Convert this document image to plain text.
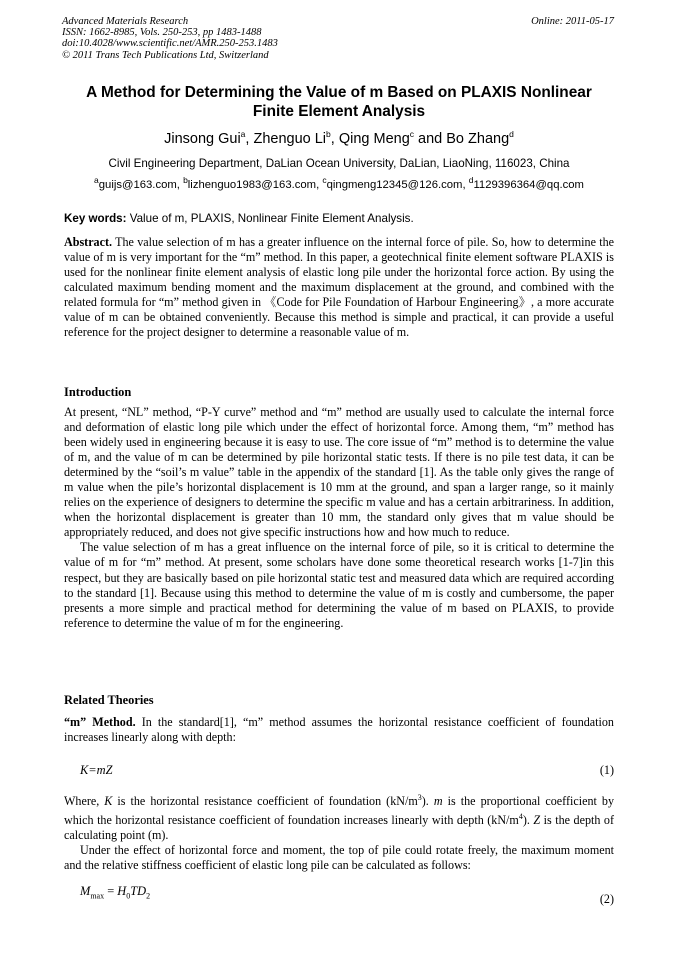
Advanced Materials Research
ISSN: 1662-8985, Vols. 250-253, pp 1483-1488
doi:10.4028/www.scientific.net/AMR.250-253.1483
© 2011 Trans Tech Publications Ltd, Switzerland
Online: 2011-05-17
A Method for Determining the Value of m Based on PLAXIS Nonlinear
Finite Element Analysis
Jinsong Gui$^a$, Zhenguo Li$^b$, Qing Meng$^c$ and Bo Zhang$^d$
Civil Engineering Department, DaLian Ocean University, DaLian, LiaoNing, 116023, China
$^a$guijs@163.com, $^b$lizhenguo1983@163.com, $^c$qingmeng12345@126.com, $^d$1129396364@qq.com
Key words: Value of m, PLAXIS, Nonlinear Finite Element Analysis.
Abstract. The value selection of m has a greater influence on the internal force of pile. So, how to determine the value of m is very important for the “m” method. In this paper, a geotechnical finite element software PLAXIS is used for the nonlinear finite element analysis of elastic long pile under the horizontal force action. By using the calculated maximum bending moment and the maximum displacement at the ground, and combined with the related formula for “m” method given in 《Code for Pile Foundation of Harbour Engineering》, a more accurate value of m can be obtained conveniently. Because this method is simple and practical, it can provide a useful reference for the project designer to determine a reasonable value of m.
Introduction
At present, “NL” method, “P-Y curve” method and “m” method are usually used to calculate the internal force and deformation of elastic long pile which under the effect of horizontal force. Among them, “m” method has been widely used in engineering because it is easy to use. The core issue of “m” method is to determine the value of m, and the value of m can be determined by pile horizontal static tests. If there is no pile test data, it can be determined by the “soil’s m value” table in the appendix of the standard [1]. As the table only gives the range of m value when the pile’s horizontal displacement is 10 mm at the ground, and span a larger range, so it mainly relies on the experience of designers to determine the specific m value and has a certain arbitrariness. In addition, when the horizontal displacement is greater than 10 mm, the standard only gives that m value should be appropriately reduced, and does not give specific instructions how and how much to reduce.
The value selection of m has a great influence on the internal force of pile, so it is critical to determine the value of m for “m” method. At present, some scholars have done some theoretical research works [1-7]in this respect, but they are basically based on pile horizontal static test and measured data which are required according to the standard [1]. Because using this method to determine the value of m is costly and cumbersome, the paper presents a more simple and practical method for determining the value of m based on PLAXIS, to provide reference to determine the value of m for the engineering.
Related Theories
“m” Method. In the standard[1], “m” method assumes the horizontal resistance coefficient of foundation increases linearly along with depth:
K=mZ	(1)
Where, K is the horizontal resistance coefficient of foundation $(kN/m^3)$. m is the proportional coefficient by which the horizontal resistance coefficient of foundation increases linearly with depth $(kN/m^4)$. Z is the depth of calculating point (m).
Under the effect of horizontal force and moment, the top of pile could rotate freely, the maximum moment and the relative stiffness coefficient of elastic long pile can be calculated as follows:
$M_{max} = H_0TD_2$	(2)
